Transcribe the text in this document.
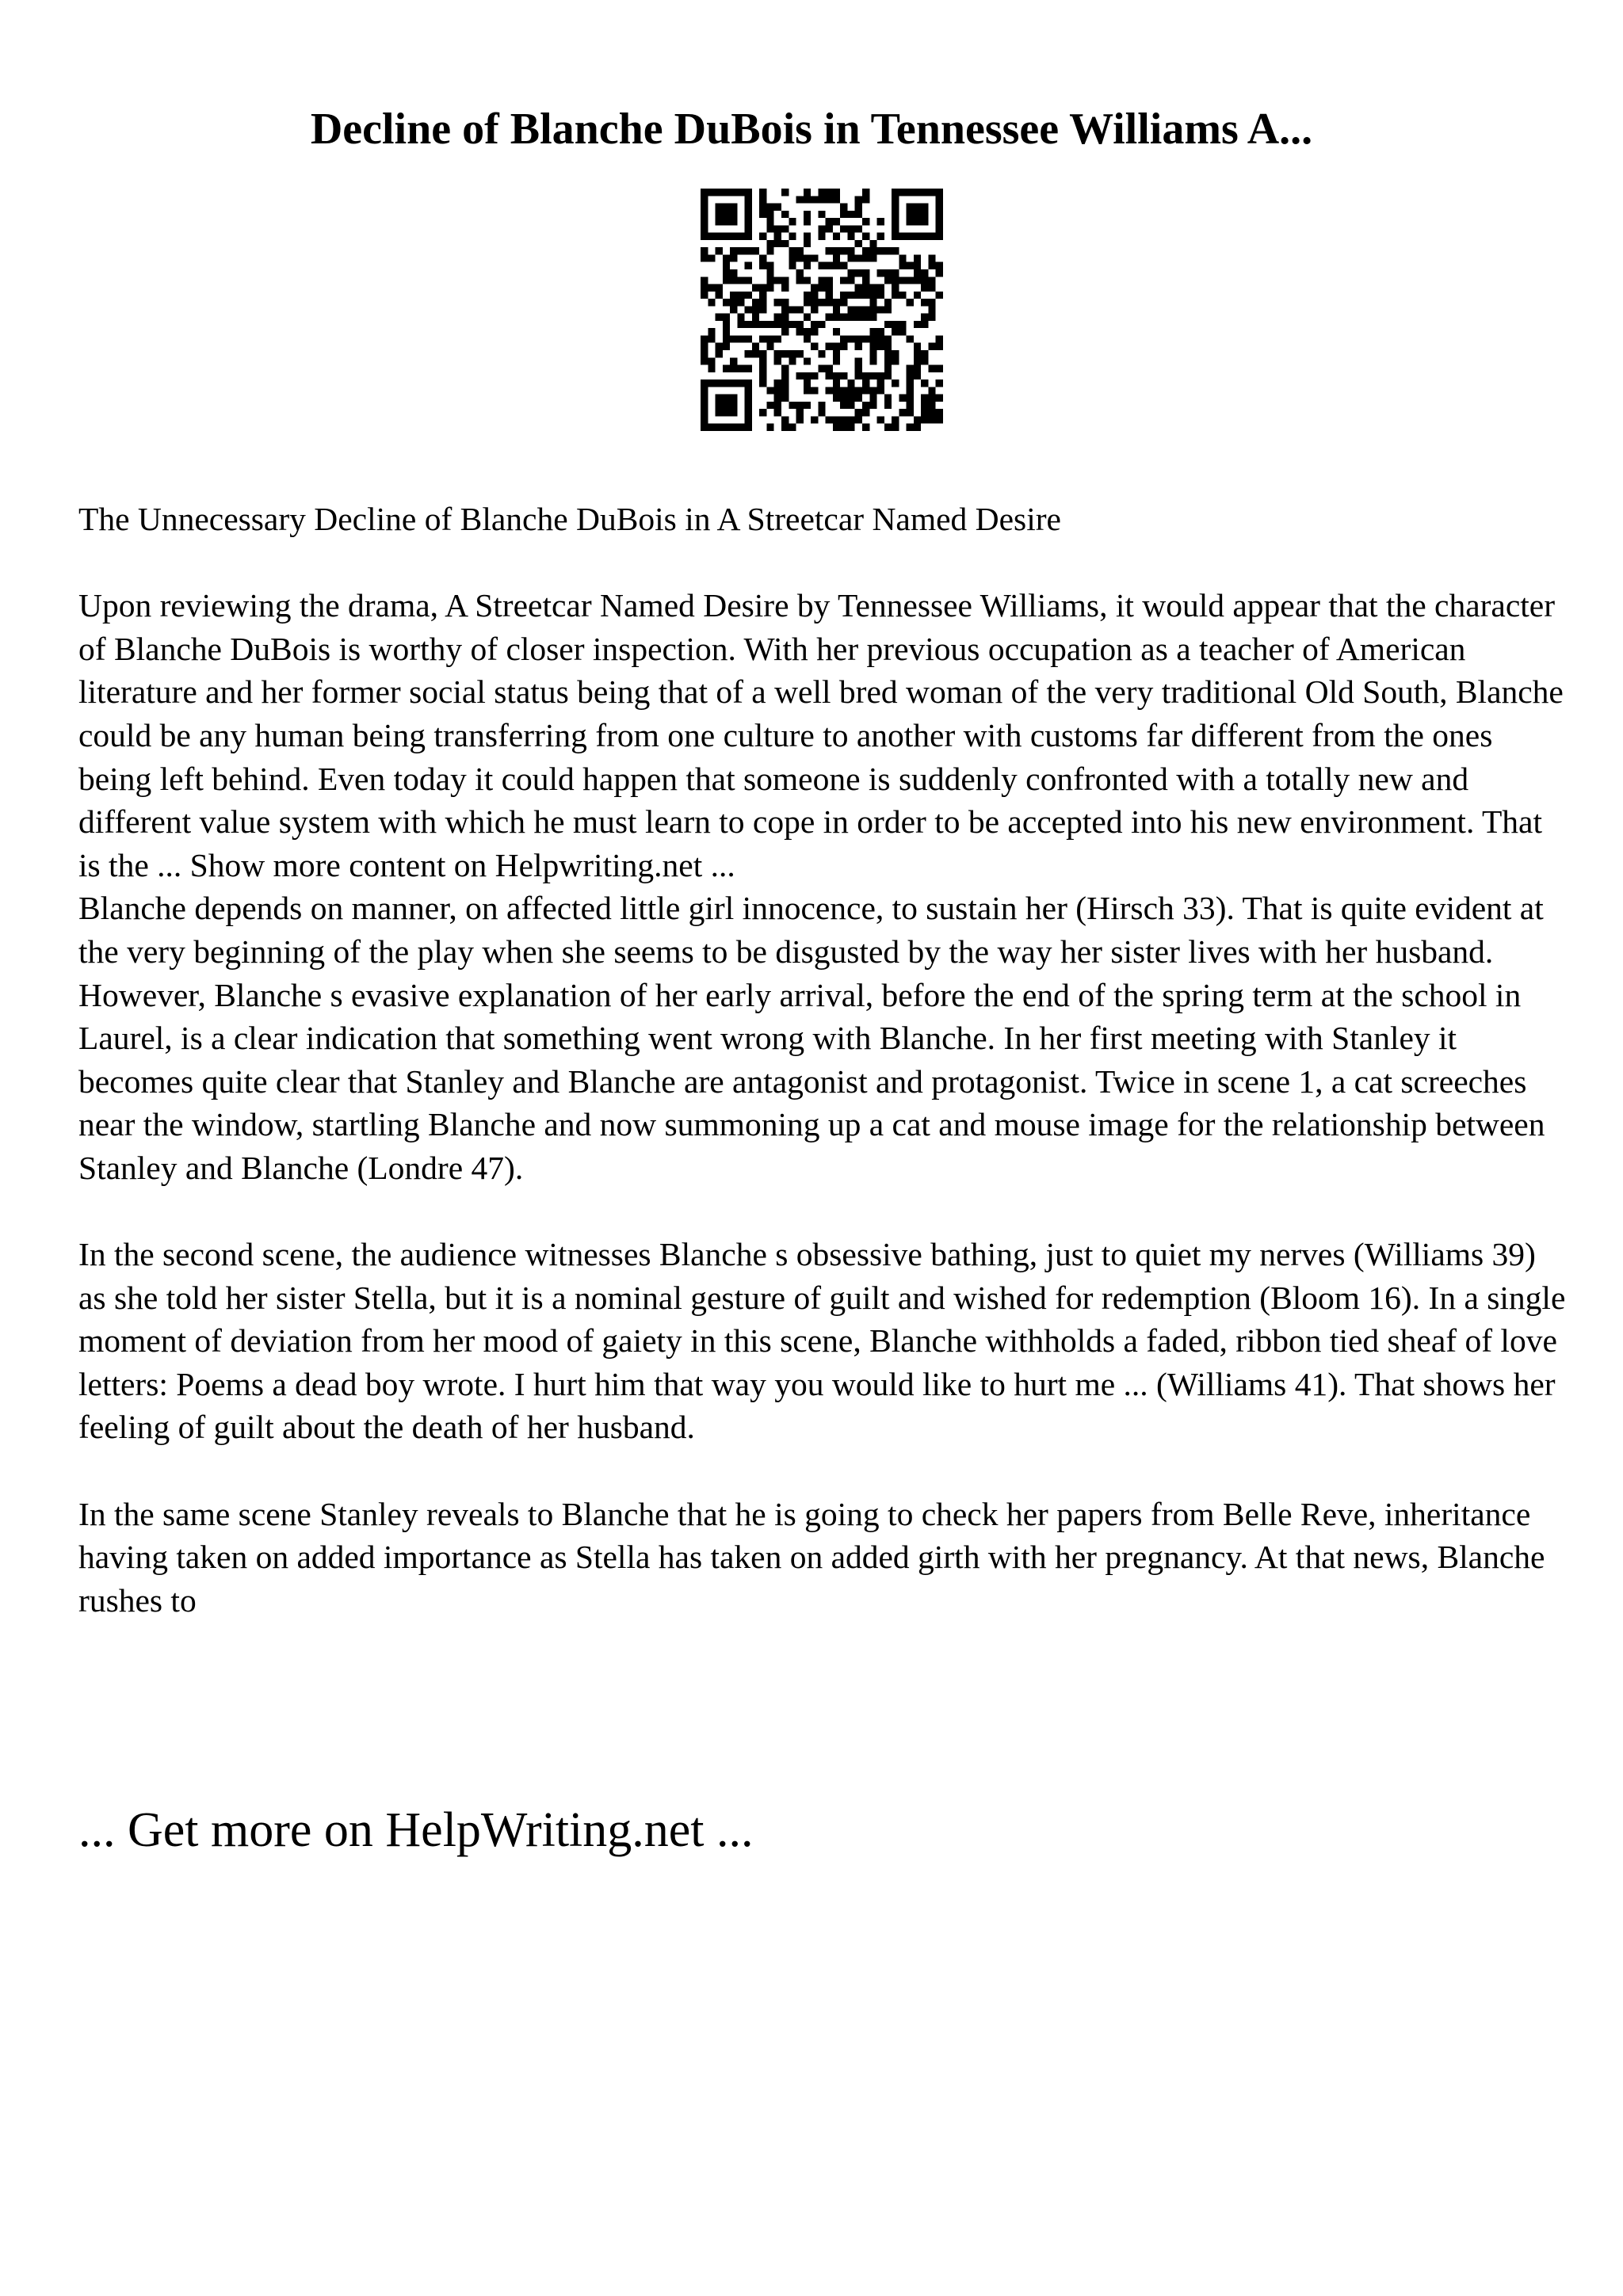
Decline of Blanche DuBois in Tennessee Williams A...

The Unnecessary Decline of Blanche DuBois in A Streetcar Named Desire

Upon reviewing the drama, A Streetcar Named Desire by Tennessee Williams, it would appear that the character of Blanche DuBois is worthy of closer inspection. With her previous occupation as a teacher of American literature and her former social status being that of a well bred woman of the very traditional Old South, Blanche could be any human being transferring from one culture to another with customs far different from the ones being left behind. Even today it could happen that someone is suddenly confronted with a totally new and different value system with which he must learn to cope in order to be accepted into his new environment. That is the ... Show more content on Helpwriting.net ...

Blanche depends on manner, on affected little girl innocence, to sustain her (Hirsch 33). That is quite evident at the very beginning of the play when she seems to be disgusted by the way her sister lives with her husband. However, Blanche s evasive explanation of her early arrival, before the end of the spring term at the school in Laurel, is a clear indication that something went wrong with Blanche. In her first meeting with Stanley it becomes quite clear that Stanley and Blanche are antagonist and protagonist. Twice in scene 1, a cat screeches near the window, startling Blanche and now summoning up a cat and mouse image for the relationship between Stanley and Blanche (Londre 47).

In the second scene, the audience witnesses Blanche s obsessive bathing, just to quiet my nerves (Williams 39) as she told her sister Stella, but it is a nominal gesture of guilt and wished for redemption (Bloom 16). In a single moment of deviation from her mood of gaiety in this scene, Blanche withholds a faded, ribbon tied sheaf of love letters: Poems a dead boy wrote. I hurt him that way you would like to hurt me ... (Williams 41). That shows her feeling of guilt about the death of her husband.

In the same scene Stanley reveals to Blanche that he is going to check her papers from Belle Reve, inheritance having taken on added importance as Stella has taken on added girth with her pregnancy. At that news, Blanche rushes to

... Get more on HelpWriting.net ...
